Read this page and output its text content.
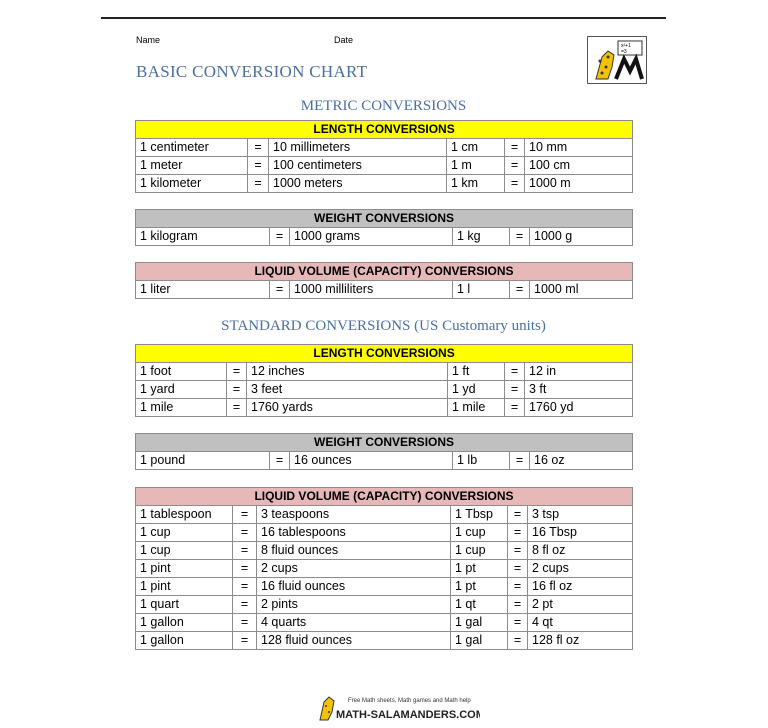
Name	Date
x²+1
=3
BASIC CONVERSION CHART
METRIC CONVERSIONS
LENGTH CONVERSIONS					
1 centimeter	=	10 millimeters	1 cm	=	10 mm
1 meter	=	100 centimeters	1 m	=	100 cm
1 kilometer	=	1000 meters	1 km	=	1000 m
WEIGHT CONVERSIONS
1 kilogram	=	1000 grams	1 kg	=	1000 g
LIQUID VOLUME (CAPACITY) CONVERSIONS
1 liter	=	1000 milliliters	1 l	=	1000 ml
STANDARD CONVERSIONS (US Customary units)
LENGTH CONVERSIONS					
1 foot	=	12 inches	1 ft	=	12 in
1 yard	=	3 feet	1 yd	=	3 ft
1 mile	=	1760 yards	1 mile	=	1760 yd
WEIGHT CONVERSIONS
1 pound	=	16 ounces	1 lb	=	16 oz
LIQUID VOLUME (CAPACITY) CONVERSIONS					
1 tablespoon	=	3 teaspoons	1 Tbsp	=	3 tsp
1 cup	=	16 tablespoons	1 cup	=	16 Tbsp
1 cup	=	8 fluid ounces	1 cup	=	8 fl oz
1 pint	=	2 cups	1 pt	=	2 cups
1 pint	=	16 fluid ounces	1 pt	=	16 fl oz
1 quart	=	2 pints	1 qt	=	2 pt
1 gallon	=	4 quarts	1 gal	=	4 qt
1 gallon	=	128 fluid ounces	1 gal	=	128 fl oz
Free Math sheets, Math games and Math help
MATH-SALAMANDERS.COM
